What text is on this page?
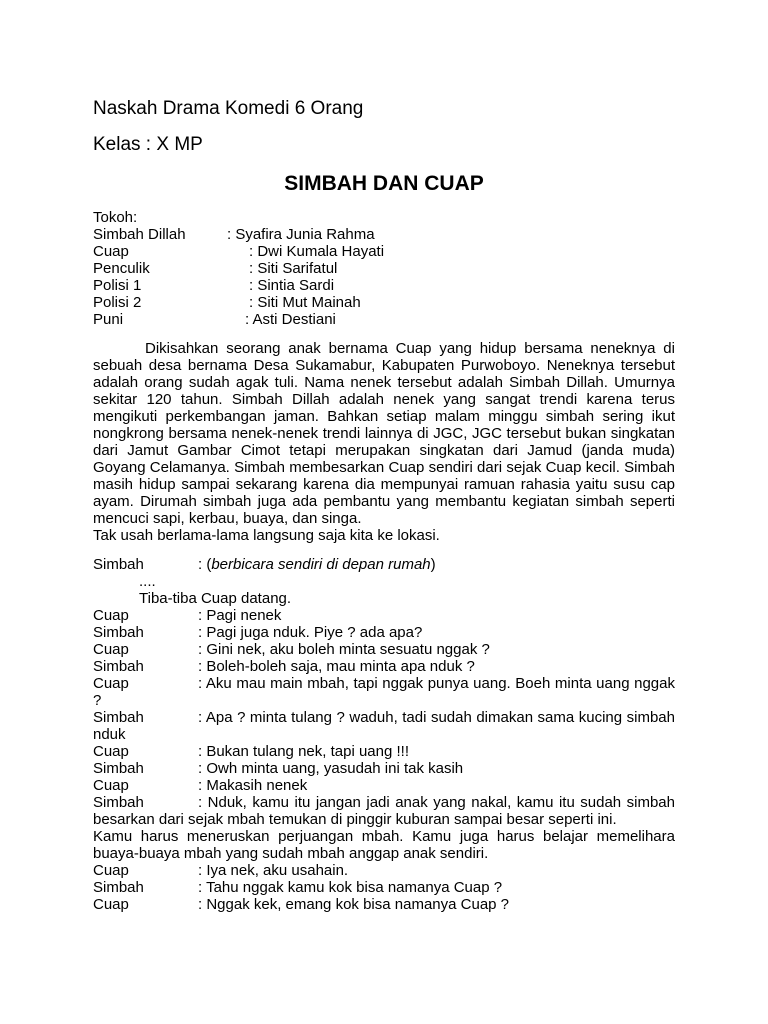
Naskah Drama Komedi 6 Orang
Kelas : X MP
SIMBAH DAN CUAP
Tokoh:
Simbah Dillah	: Syafira Junia Rahma
Cuap	: Dwi Kumala Hayati
Penculik	: Siti Sarifatul
Polisi 1	: Sintia Sardi
Polisi 2	: Siti Mut Mainah
Puni	: Asti Destiani
Dikisahkan seorang anak bernama Cuap yang hidup bersama neneknya di sebuah desa bernama Desa Sukamabur, Kabupaten Purwoboyo. Neneknya tersebut adalah orang sudah agak tuli. Nama nenek tersebut adalah Simbah Dillah. Umurnya sekitar 120 tahun. Simbah Dillah adalah nenek yang sangat trendi karena terus mengikuti perkembangan jaman. Bahkan setiap malam minggu simbah sering ikut nongkrong bersama nenek-nenek trendi lainnya di JGC, JGC tersebut bukan singkatan dari Jamut Gambar Cimot tetapi merupakan singkatan dari Jamud (janda muda) Goyang Celamanya. Simbah membesarkan Cuap sendiri dari sejak Cuap kecil. Simbah masih hidup sampai sekarang karena dia mempunyai ramuan rahasia yaitu susu cap ayam. Dirumah simbah juga ada pembantu yang membantu kegiatan simbah seperti mencuci sapi, kerbau, buaya, dan singa.
Tak usah berlama-lama langsung saja kita ke lokasi.
Simbah	: (berbicara sendiri di depan rumah)
....
Tiba-tiba Cuap datang.
Cuap	: Pagi nenek
Simbah	: Pagi juga nduk. Piye ? ada apa?
Cuap	: Gini nek, aku boleh minta sesuatu nggak ?
Simbah	: Boleh-boleh saja, mau minta apa nduk ?
Cuap	: Aku mau main mbah, tapi nggak punya uang. Boeh minta uang nggak ?
Simbah	: Apa ? minta tulang ? waduh, tadi sudah dimakan sama kucing simbah nduk
Cuap	: Bukan tulang nek, tapi uang !!!
Simbah	: Owh minta uang, yasudah ini tak kasih
Cuap	: Makasih nenek
Simbah	: Nduk, kamu itu jangan jadi anak yang nakal, kamu itu sudah simbah besarkan dari sejak mbah temukan di pinggir kuburan sampai besar seperti ini.
Kamu harus meneruskan perjuangan mbah. Kamu juga harus belajar memelihara buaya-buaya mbah yang sudah mbah anggap anak sendiri.
Cuap	: Iya nek, aku usahain.
Simbah	: Tahu nggak kamu kok bisa namanya Cuap ?
Cuap	: Nggak kek, emang kok bisa namanya Cuap ?
